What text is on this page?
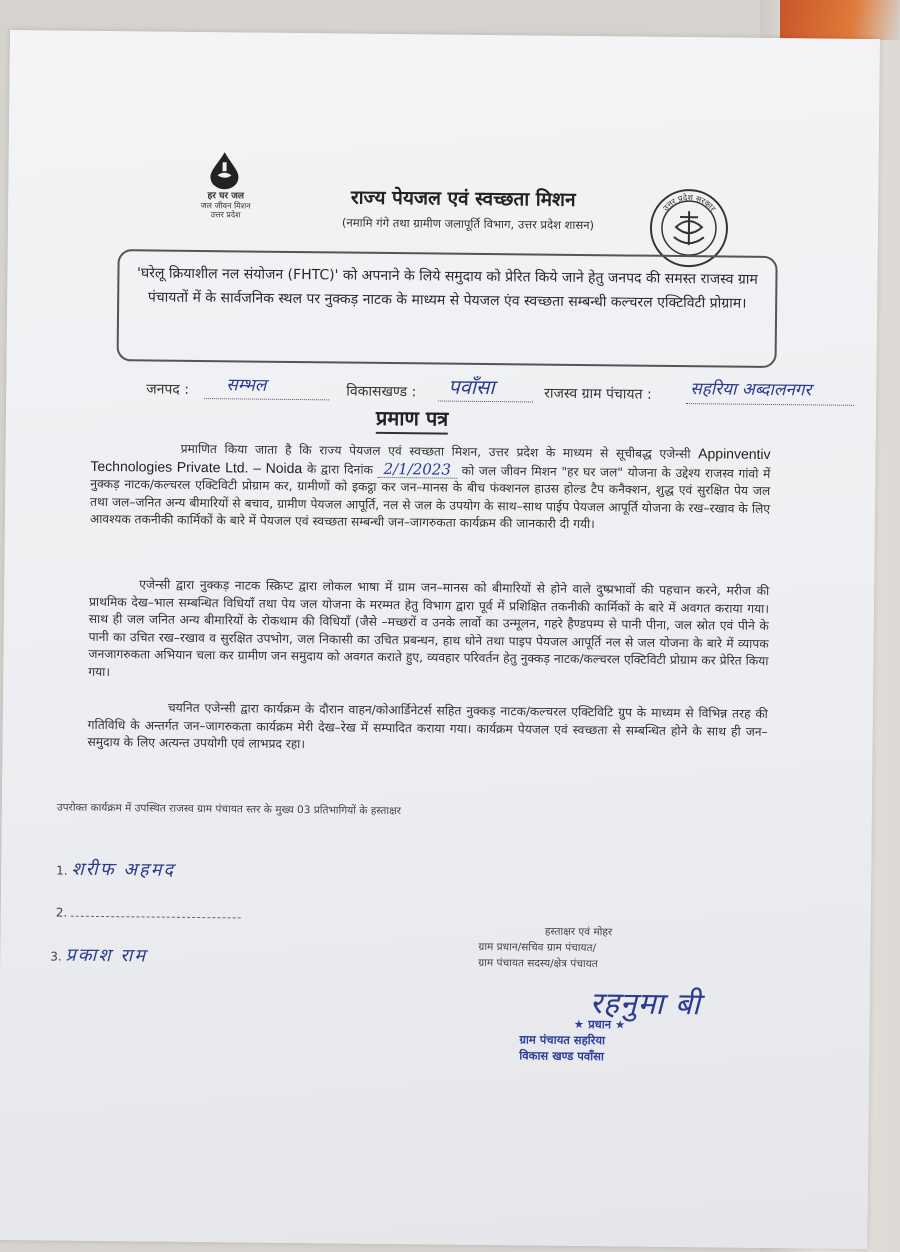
हर घर जल
जल जीवन मिशन
उत्तर प्रदेश
राज्य पेयजल एवं स्वच्छता मिशन
(नमामि गंगे तथा ग्रामीण जलापूर्ति विभाग, उत्तर प्रदेश शासन)
उत्तर प्रदेश सरकार
'घरेलू क्रियाशील नल संयोजन (FHTC)' को अपनाने के लिये समुदाय को प्रेरित किये जाने हेतु जनपद की समस्त राजस्व ग्राम पंचायतों में के सार्वजनिक स्थल पर नुक्कड़ नाटक के माध्यम से पेयजल एंव स्वच्छता सम्बन्धी कल्चरल एक्टिविटी प्रोग्राम।
जनपद : सम्भल	विकासखण्ड : पवाँसा	राजस्व ग्राम पंचायत : सहरिया अब्दालनगर
प्रमाण पत्र
प्रमाणित किया जाता है कि राज्य पेयजल एवं स्वच्छता मिशन, उत्तर प्रदेश के माध्यम से सूचीबद्ध एजेन्सी Appinventiv Technologies Private Ltd. – Noida के द्वारा दिनांक 2/1/2023 को जल जीवन मिशन "हर घर जल" योजना के उद्देश्य राजस्व गांवो में नुक्कड़ नाटक/कल्चरल एक्टिविटी प्रोग्राम कर, ग्रामीणों को इकट्ठा कर जन–मानस के बीच फंक्शनल हाउस होल्ड टैप कनैक्शन, शुद्ध एवं सुरक्षित पेय जल तथा जल–जनित अन्य बीमारियों से बचाव, ग्रामीण पेयजल आपूर्ति, नल से जल के उपयोग के साथ–साथ पाईप पेयजल आपूर्ति योजना के रख–रखाव के लिए आवश्यक तकनीकी कार्मिकों के बारे में पेयजल एवं स्वच्छता सम्बन्धी जन–जागरुकता कार्यक्रम की जानकारी दी गयी।
एजेन्सी द्वारा नुक्कड़ नाटक स्क्रिप्ट द्वारा लोकल भाषा में ग्राम जन–मानस को बीमारियों से होने वाले दुष्प्रभावों की पहचान करने, मरीज की प्राथमिक देख–भाल सम्बन्धित विधियाँ तथा पेय जल योजना के मरम्मत हेतु विभाग द्वारा पूर्व में प्रशिक्षित तकनीकी कार्मिकों के बारे में अवगत कराया गया। साथ ही जल जनित अन्य बीमारियों के रोकथाम की विधियाँ (जैसे –मच्छरों व उनके लार्वो का उन्मूलन, गहरे हैण्डपम्प से पानी पीना, जल स्रोत एवं पीने के पानी का उचित रख–रखाव व सुरक्षित उपभोग, जल निकासी का उचित प्रबन्धन, हाथ धोने तथा पाइप पेयजल आपूर्ति नल से जल योजना के बारे में व्यापक जनजागरुकता अभियान चला कर ग्रामीण जन समुदाय को अवगत कराते हुए, व्यवहार परिवर्तन हेतु नुक्कड़ नाटक/कल्चरल एक्टिविटी प्रोग्राम कर प्रेरित किया गया।
चयनित एजेन्सी द्वारा कार्यक्रम के दौरान वाहन/कोआर्डिनेटर्स सहित नुक्कड़ नाटक/कल्चरल एक्टिविटि ग्रुप के माध्यम से विभिन्न तरह की गतिविधि के अन्तर्गत जन–जागरुकता कार्यक्रम मेरी देख–रेख में सम्पादित कराया गया। कार्यक्रम पेयजल एवं स्वच्छता से सम्बन्धित होने के साथ ही जन–समुदाय के लिए अत्यन्त उपयोगी एवं लाभप्रद रहा।
उपरोक्त कार्यक्रम में उपस्थित राजस्व ग्राम पंचायत स्तर के मुख्य 03 प्रतिभागियों के हस्ताक्षर
1. शरीफ अहमद
2.
3. प्रकाश राम
हस्ताक्षर एवं मोहर
ग्राम प्रधान/सचिव ग्राम पंचायत/
ग्राम पंचायत सदस्य/क्षेत्र पंचायत
रहनुमा बी
★ प्रधान ★
ग्राम पंचायत सहरिया
विकास खण्ड पवाँसा
